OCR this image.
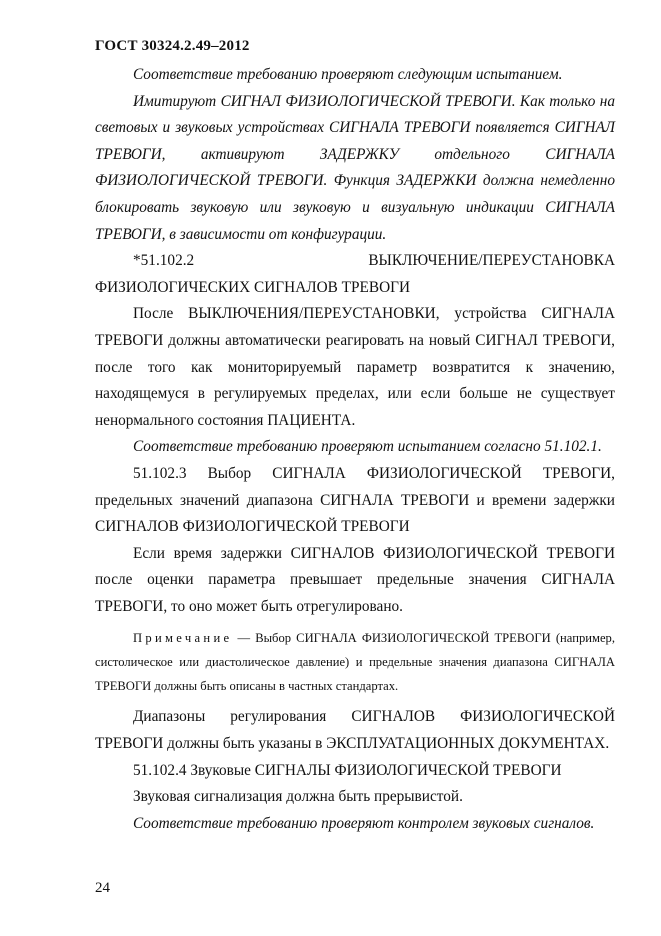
ГОСТ 30324.2.49–2012

Соответствие требованию проверяют следующим испытанием.

Имитируют СИГНАЛ ФИЗИОЛОГИЧЕСКОЙ ТРЕВОГИ. Как только на световых и звуковых устройствах СИГНАЛА ТРЕВОГИ появляется СИГНАЛ ТРЕВОГИ, активируют ЗАДЕРЖКУ отдельного СИГНАЛА ФИЗИОЛОГИЧЕСКОЙ ТРЕВОГИ. Функция ЗАДЕРЖКИ должна немедленно блокировать звуковую или звуковую и визуальную индикации СИГНАЛА ТРЕВОГИ, в зависимости от конфигурации.

*51.102.2	ВЫКЛЮЧЕНИЕ/ПЕРЕУСТАНОВКА

ФИЗИОЛОГИЧЕСКИХ СИГНАЛОВ ТРЕВОГИ

После ВЫКЛЮЧЕНИЯ/ПЕРЕУСТАНОВКИ, устройства СИГНАЛА ТРЕВОГИ должны автоматически реагировать на новый СИГНАЛ ТРЕВОГИ, после того как мониторируемый параметр возвратится к значению, находящемуся в регулируемых пределах, или если больше не существует ненормального состояния ПАЦИЕНТА.

Соответствие требованию проверяют испытанием согласно 51.102.1.

51.102.3 Выбор СИГНАЛА ФИЗИОЛОГИЧЕСКОЙ ТРЕВОГИ, предельных значений диапазона СИГНАЛА ТРЕВОГИ и времени задержки СИГНАЛОВ ФИЗИОЛОГИЧЕСКОЙ ТРЕВОГИ

Если время задержки СИГНАЛОВ ФИЗИОЛОГИЧЕСКОЙ ТРЕВОГИ после оценки параметра превышает предельные значения СИГНАЛА ТРЕВОГИ, то оно может быть отрегулировано.

Примечание — Выбор СИГНАЛА ФИЗИОЛОГИЧЕСКОЙ ТРЕВОГИ (например, систолическое или диастолическое давление) и предельные значения диапазона СИГНАЛА ТРЕВОГИ должны быть описаны в частных стандартах.

Диапазоны регулирования СИГНАЛОВ ФИЗИОЛОГИЧЕСКОЙ ТРЕВОГИ должны быть указаны в ЭКСПЛУАТАЦИОННЫХ ДОКУМЕНТАХ.

51.102.4 Звуковые СИГНАЛЫ ФИЗИОЛОГИЧЕСКОЙ ТРЕВОГИ

Звуковая сигнализация должна быть прерывистой.

Соответствие требованию проверяют контролем звуковых сигналов.

24
